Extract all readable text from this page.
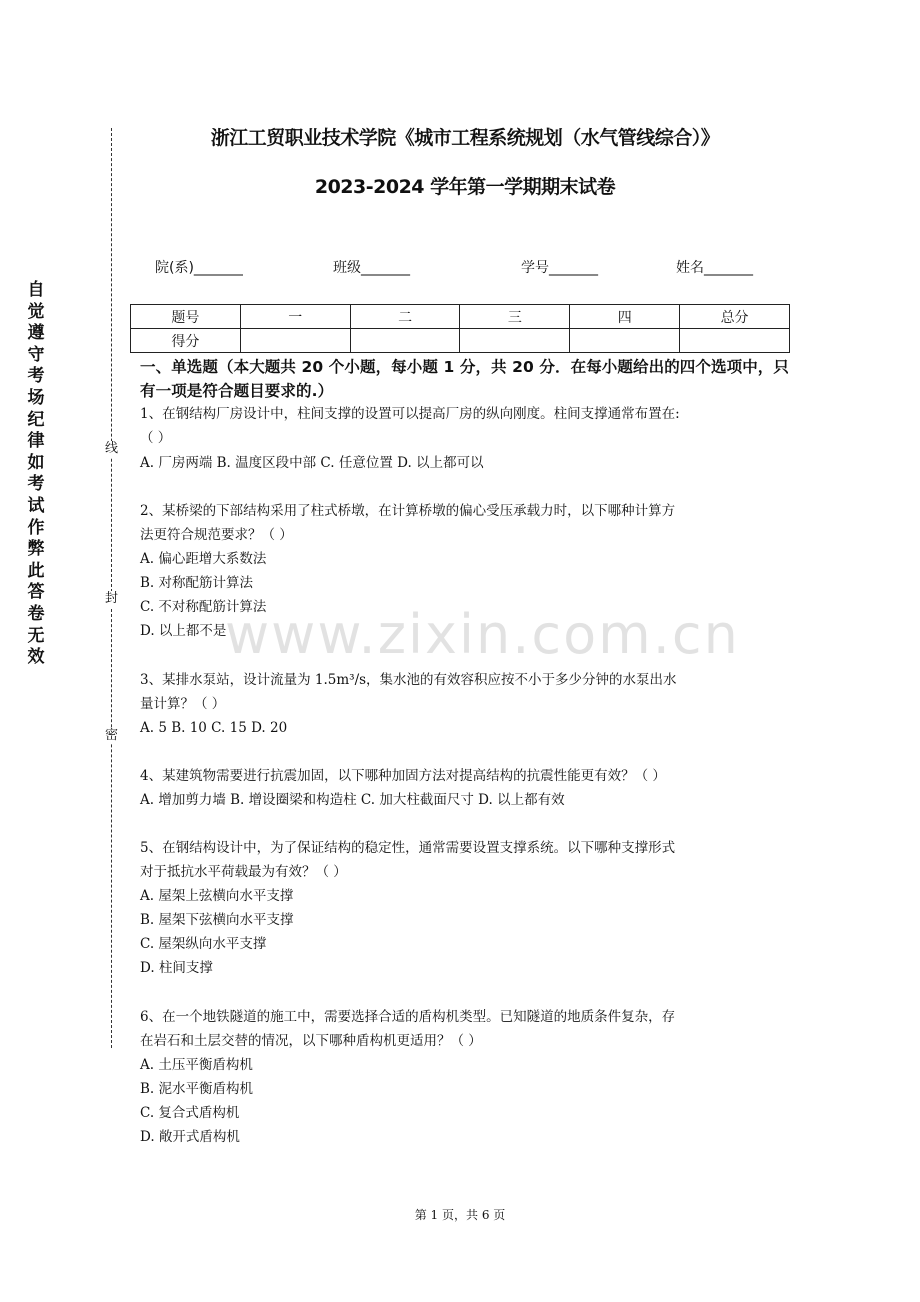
自觉遵守考场纪律如考试作弊此答卷无效
线
封
密
浙江工贸职业技术学院《城市工程系统规划（水气管线综合）》
2023-2024 学年第一学期期末试卷
院(系)_______	班级_______	学号_______	姓名_______
题号	一	二	三	四	总分
得分					
一、单选题（本大题共 20 个小题，每小题 1 分，共 20 分．在每小题给出的四个选项中，只有一项是符合题目要求的.）
1、在钢结构厂房设计中，柱间支撑的设置可以提高厂房的纵向刚度。柱间支撑通常布置在:
（ ）
A. 厂房两端 B. 温度区段中部 C. 任意位置 D. 以上都可以
2、某桥梁的下部结构采用了柱式桥墩，在计算桥墩的偏心受压承载力时，以下哪种计算方
法更符合规范要求？（ ）
A. 偏心距增大系数法
B. 对称配筋计算法
C. 不对称配筋计算法
D. 以上都不是
3、某排水泵站，设计流量为 1.5m³/s，集水池的有效容积应按不小于多少分钟的水泵出水
量计算？（ ）
A. 5 B. 10 C. 15 D. 20
4、某建筑物需要进行抗震加固，以下哪种加固方法对提高结构的抗震性能更有效？（ ）
A. 增加剪力墙 B. 增设圈梁和构造柱 C. 加大柱截面尺寸 D. 以上都有效
5、在钢结构设计中，为了保证结构的稳定性，通常需要设置支撑系统。以下哪种支撑形式
对于抵抗水平荷载最为有效？（ ）
A. 屋架上弦横向水平支撑
B. 屋架下弦横向水平支撑
C. 屋架纵向水平支撑
D. 柱间支撑
6、在一个地铁隧道的施工中，需要选择合适的盾构机类型。已知隧道的地质条件复杂，存
在岩石和土层交替的情况，以下哪种盾构机更适用？（ ）
A. 土压平衡盾构机
B. 泥水平衡盾构机
C. 复合式盾构机
D. 敞开式盾构机
www.zixin.com.cn
第 1 页，共 6 页
